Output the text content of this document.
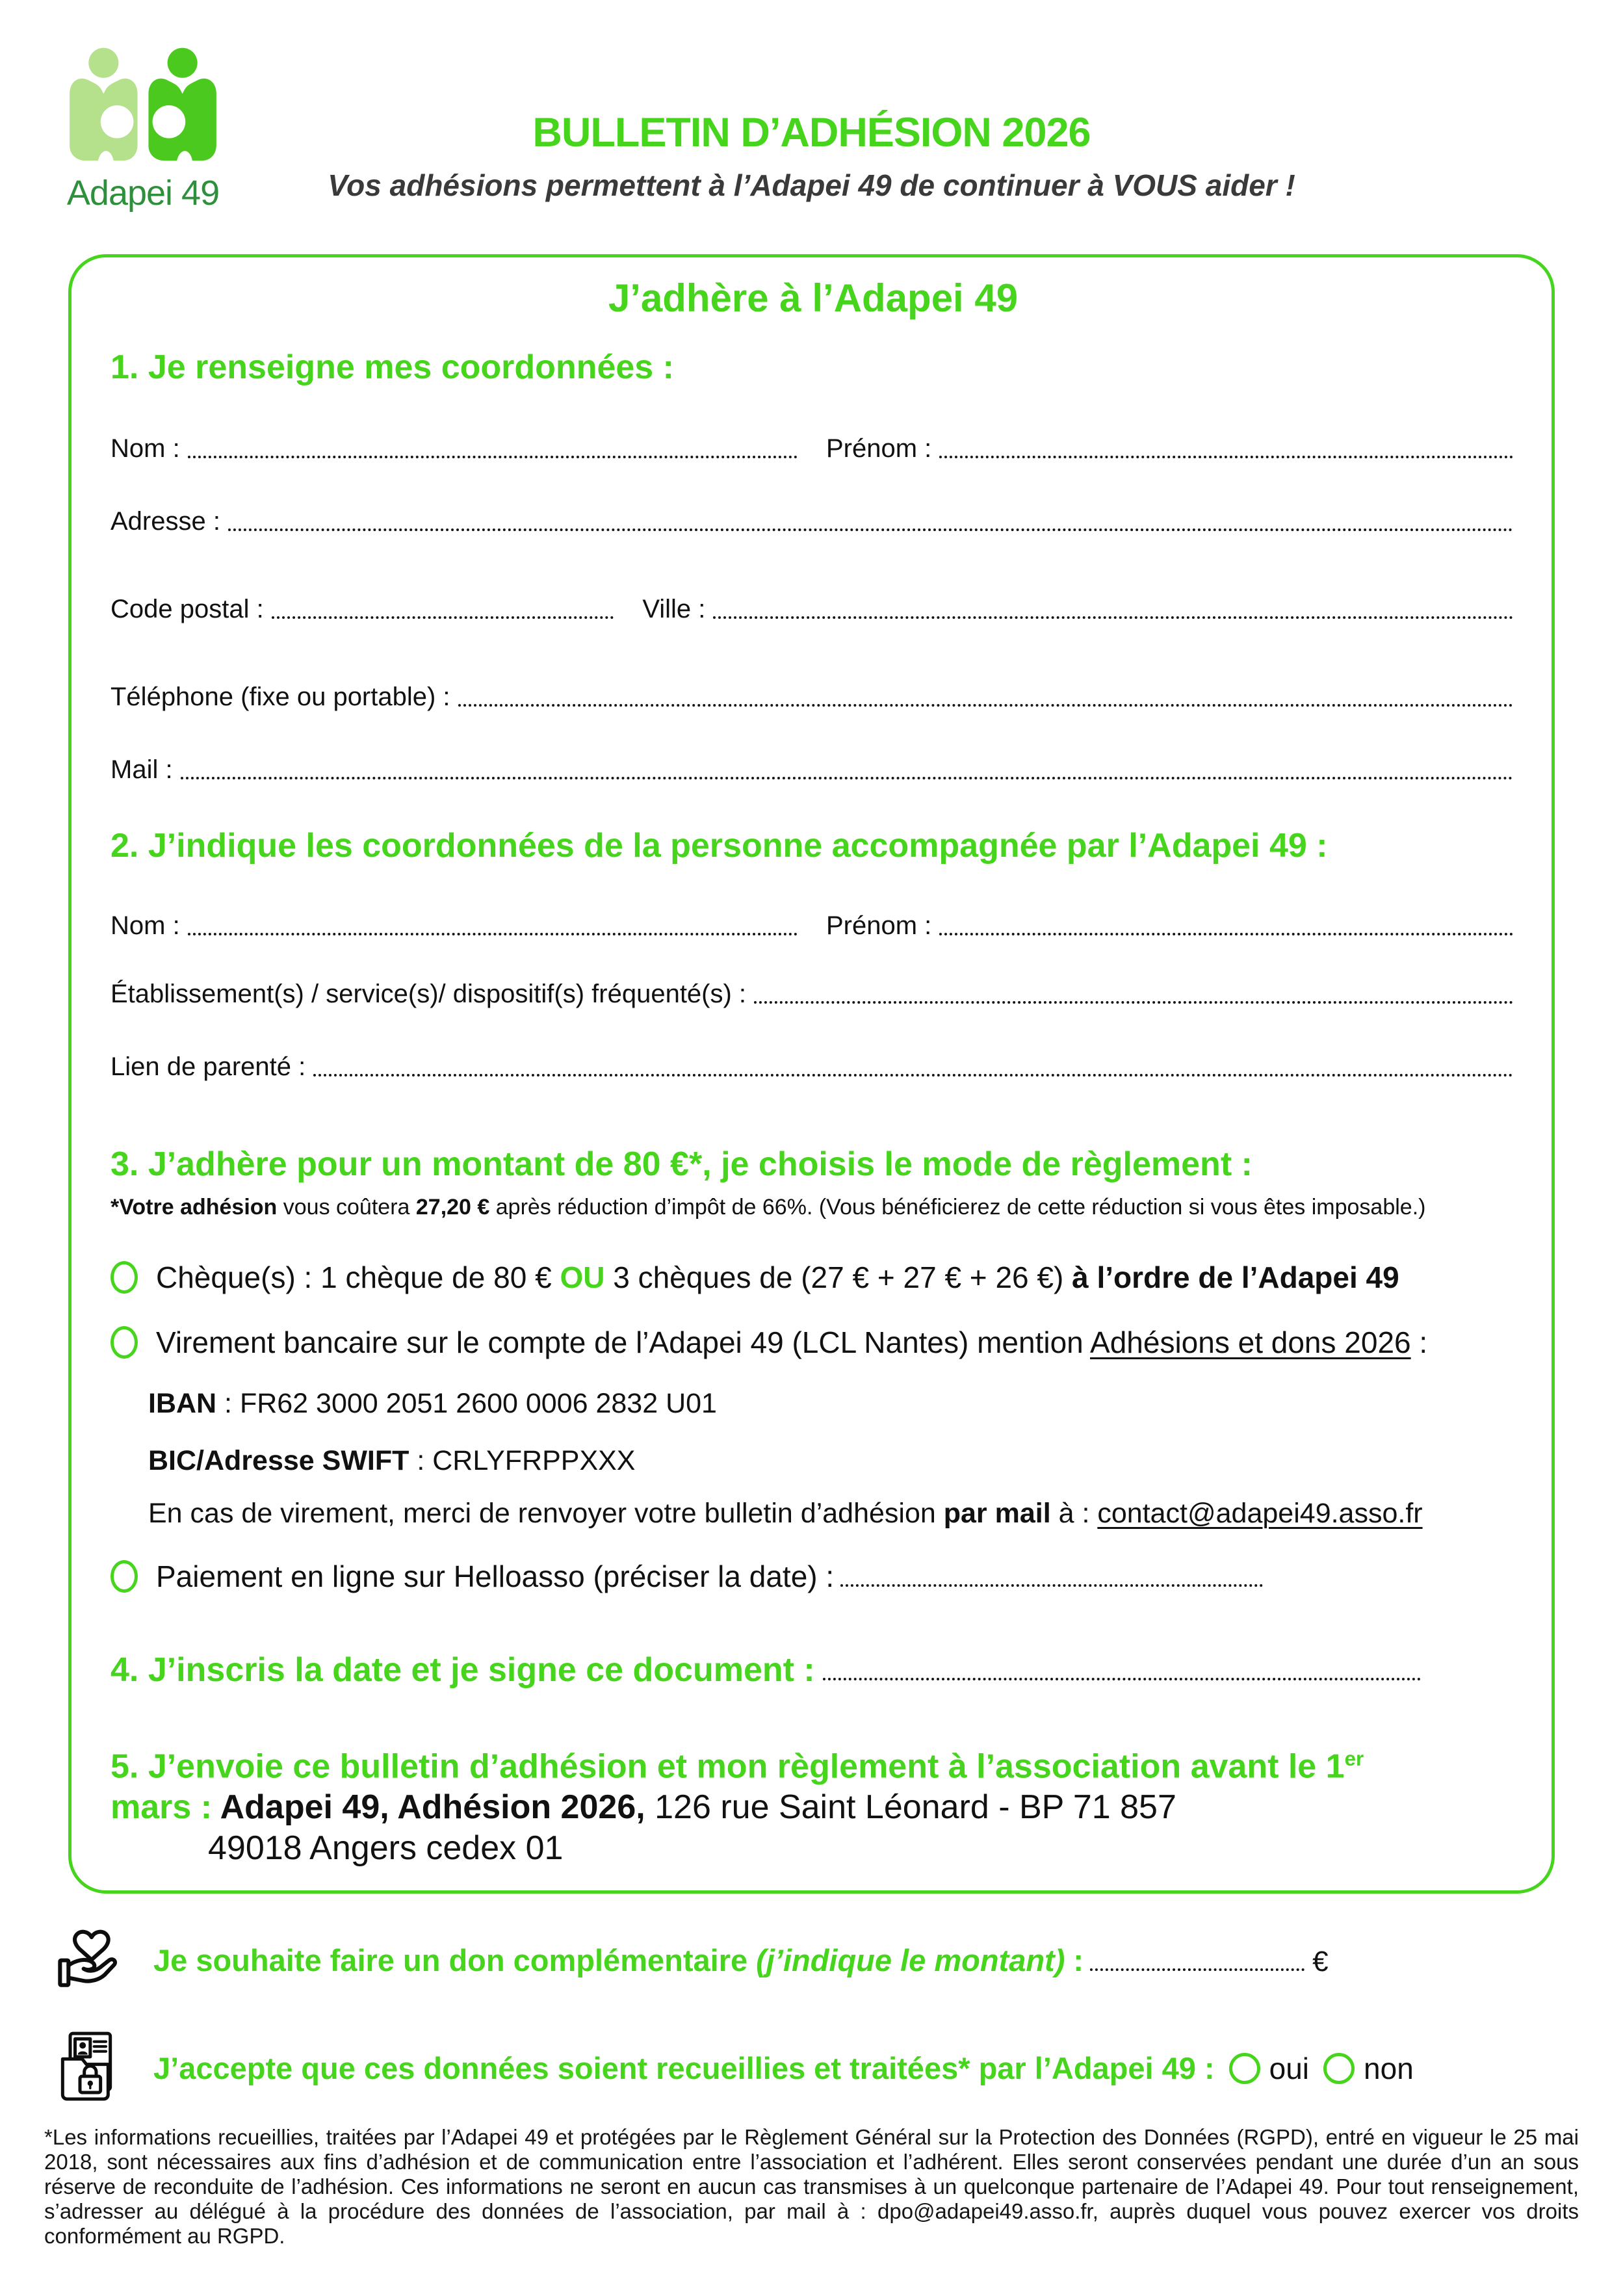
Adapei 49
BULLETIN D’ADHÉSION 2026
Vos adhésions permettent à l’Adapei 49 de continuer à VOUS aider !
J’adhère à l’Adapei 49
1. Je renseigne mes coordonnées :
Nom :	Prénom :
Adresse :
Code postal :	Ville :
Téléphone (fixe ou portable) :
Mail :
2. J’indique les coordonnées de la personne accompagnée par l’Adapei 49 :
Nom :	Prénom :
Établissement(s) / service(s)/ dispositif(s) fréquenté(s) :
Lien de parenté :
3. J’adhère pour un montant de 80 €*, je choisis le mode de règlement :

*Votre adhésion vous coûtera 27,20 € après réduction d’impôt de 66%. (Vous bénéficierez de cette réduction si vous êtes imposable.)

Chèque(s) : 1 chèque de 80 € OU 3 chèques de (27 € + 27 € + 26 €) à l’ordre de l’Adapei 49
Virement bancaire sur le compte de l’Adapei 49 (LCL Nantes) mention Adhésions et dons 2026 :
IBAN : FR62 3000 2051 2600 0006 2832 U01
BIC/Adresse SWIFT : CRLYFRPPXXX
En cas de virement, merci de renvoyer votre bulletin d’adhésion par mail à : contact@adapei49.asso.fr
Paiement en ligne sur Helloasso (préciser la date) :
4. J’inscris la date et je signe ce document :
5. J’envoie ce bulletin d’adhésion et mon règlement à l’association avant le 1er
mars : Adapei 49, Adhésion 2026, 126 rue Saint Léonard - BP 71 857
49018 Angers cedex 01
Je souhaite faire un don complémentaire (j’indique le montant) :	€
J’accepte que ces données soient recueillies et traitées* par l’Adapei 49 : oui non

*Les informations recueillies, traitées par l’Adapei 49 et protégées par le Règlement Général sur la Protection des Données (RGPD), entré en vigueur le 25 mai 2018, sont nécessaires aux fins d’adhésion et de communication entre l’association et l’adhérent. Elles seront conservées pendant une durée d’un an sous réserve de reconduite de l’adhésion. Ces informations ne seront en aucun cas transmises à un quelconque partenaire de l’Adapei 49. Pour tout renseignement, s’adresser au délégué à la procédure des données de l’association, par mail à : dpo@adapei49.asso.fr, auprès duquel vous pouvez exercer vos droits conformément au RGPD.
